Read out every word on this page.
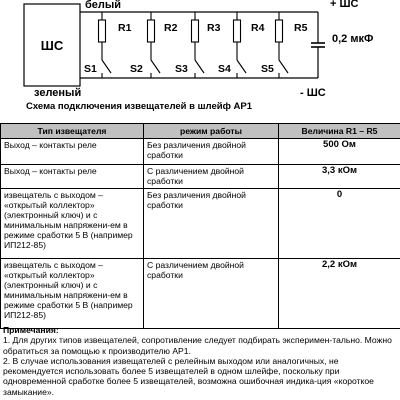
ШС
белый	+ ШС
зеленый	- ШС
0,2 мкФ
R1
S1
R2
S2
R3
S3
R4
S4
R5
S5
Схема подключения извещателей в шлейф АР1
Тип извещателя	режим работы	Величина R1 – R5
Выход – контакты реле	Без различения двойной сработки	500 Ом
Выход – контакты реле	С различением двойной сработки	3,3 кОм
извещатель с выходом – «открытый коллектор» (электронный ключ) и с минимальным напряжени-ем в режиме сработки 5 В (например ИП212-85)	Без различения двойной сработки	0
извещатель с выходом – «открытый коллектор» (электронный ключ) и с минимальным напряжени-ем в режиме сработки 5 В (например ИП212-85)	С различением двойной сработки	2,2 кОм

Примечания:

1. Для других типов извещателей, сопротивление следует подбирать эксперимен-тально. Можно обратиться за помощью к производителю АР1.

2. В случае использования извещателей с релейным выходом или аналогичных, не рекомендуется использовать более 5 извещателей в одном шлейфе, поскольку при одновременной сработке более 5 извещателей, возможна ошибочная индика-ция «короткое замыкание».
